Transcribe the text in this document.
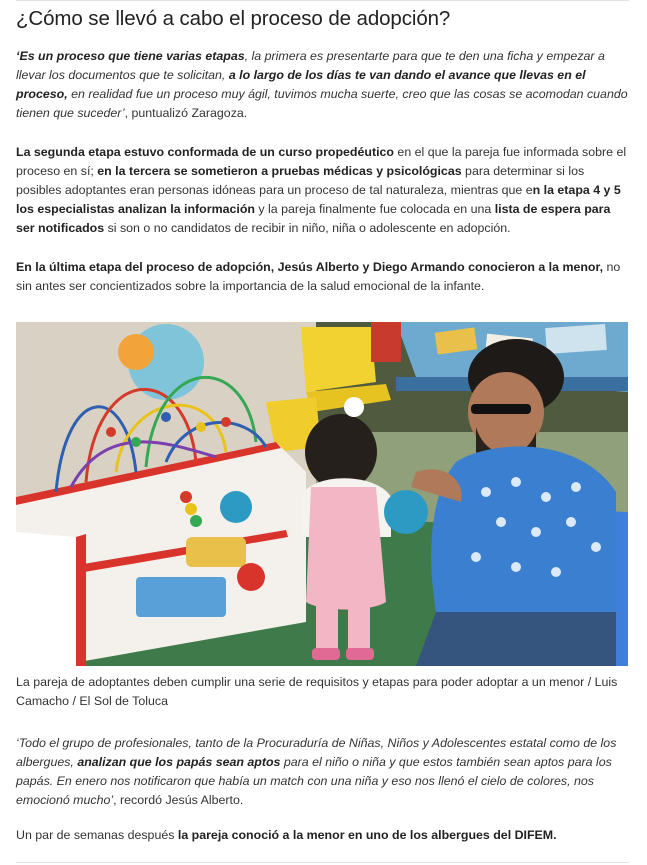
¿Cómo se llevó a cabo el proceso de adopción?

‘Es un proceso que tiene varias etapas, la primera es presentarte para que te den una ficha y empezar a llevar los documentos que te solicitan, a lo largo de los días te van dando el avance que llevas en el proceso, en realidad fue un proceso muy ágil, tuvimos mucha suerte, creo que las cosas se acomodan cuando tienen que suceder’, puntualizó Zaragoza.

La segunda etapa estuvo conformada de un curso propedéutico en el que la pareja fue informada sobre el proceso en sí; en la tercera se sometieron a pruebas médicas y psicológicas para determinar si los posibles adoptantes eran personas idóneas para un proceso de tal naturaleza, mientras que en la etapa 4 y 5 los especialistas analizan la información y la pareja finalmente fue colocada en una lista de espera para ser notificados si son o no candidatos de recibir in niño, niña o adolescente en adopción.

En la última etapa del proceso de adopción, Jesús Alberto y Diego Armando conocieron a la menor, no sin antes ser concientizados sobre la importancia de la salud emocional de la infante.

La pareja de adoptantes deben cumplir una serie de requisitos y etapas para poder adoptar a un menor / Luis Camacho / El Sol de Toluca

‘Todo el grupo de profesionales, tanto de la Procuraduría de Niñas, Niños y Adolescentes estatal como de los albergues, analizan que los papás sean aptos para el niño o niña y que estos también sean aptos para los papás. En enero nos notificaron que había un match con una niña y eso nos llenó el cielo de colores, nos emocionó mucho’, recordó Jesús Alberto.

Un par de semanas después la pareja conoció a la menor en uno de los albergues del DIFEM.
